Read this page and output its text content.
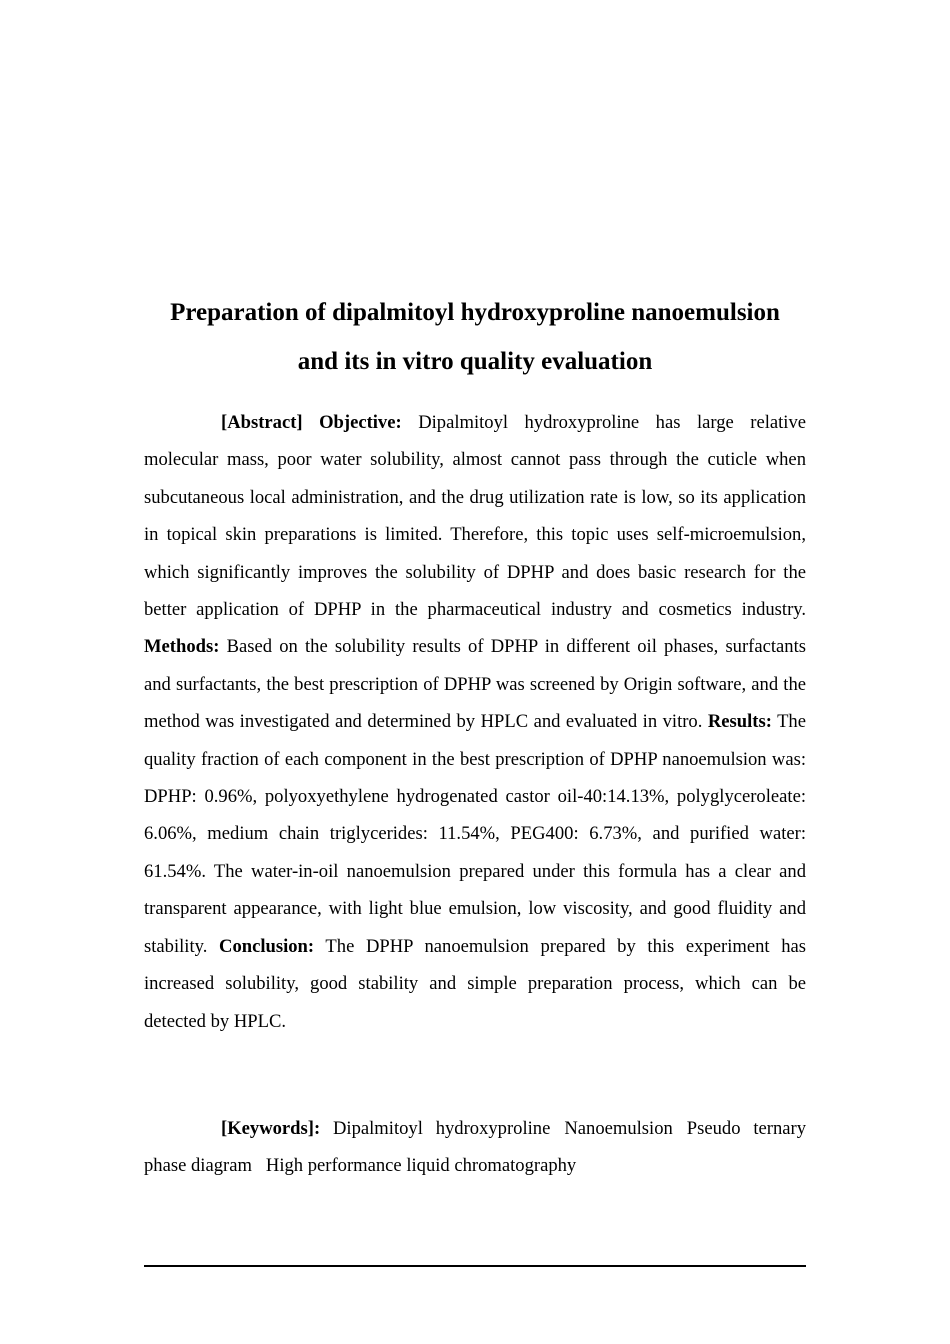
Preparation of dipalmitoyl hydroxyproline nanoemulsion
and its in vitro quality evaluation

[Abstract] Objective: Dipalmitoyl hydroxyproline has large relative molecular mass, poor water solubility, almost cannot pass through the cuticle when subcutaneous local administration, and the drug utilization rate is low, so its application in topical skin preparations is limited. Therefore, this topic uses self-microemulsion, which significantly improves the solubility of DPHP and does basic research for the better application of DPHP in the pharmaceutical industry and cosmetics industry. Methods: Based on the solubility results of DPHP in different oil phases, surfactants and surfactants, the best prescription of DPHP was screened by Origin software, and the method was investigated and determined by HPLC and evaluated in vitro. Results: The quality fraction of each component in the best prescription of DPHP nanoemulsion was: DPHP: 0.96%, polyoxyethylene hydrogenated castor oil-40:14.13%, polyglyceroleate: 6.06%, medium chain triglycerides: 11.54%, PEG400: 6.73%, and purified water: 61.54%. The water-in-oil nanoemulsion prepared under this formula has a clear and transparent appearance, with light blue emulsion, low viscosity, and good fluidity and stability. Conclusion: The DPHP nanoemulsion prepared by this experiment has increased solubility, good stability and simple preparation process, which can be detected by HPLC.

[Keywords]: Dipalmitoyl hydroxyproline Nanoemulsion Pseudo ternary phase diagram High performance liquid chromatography
